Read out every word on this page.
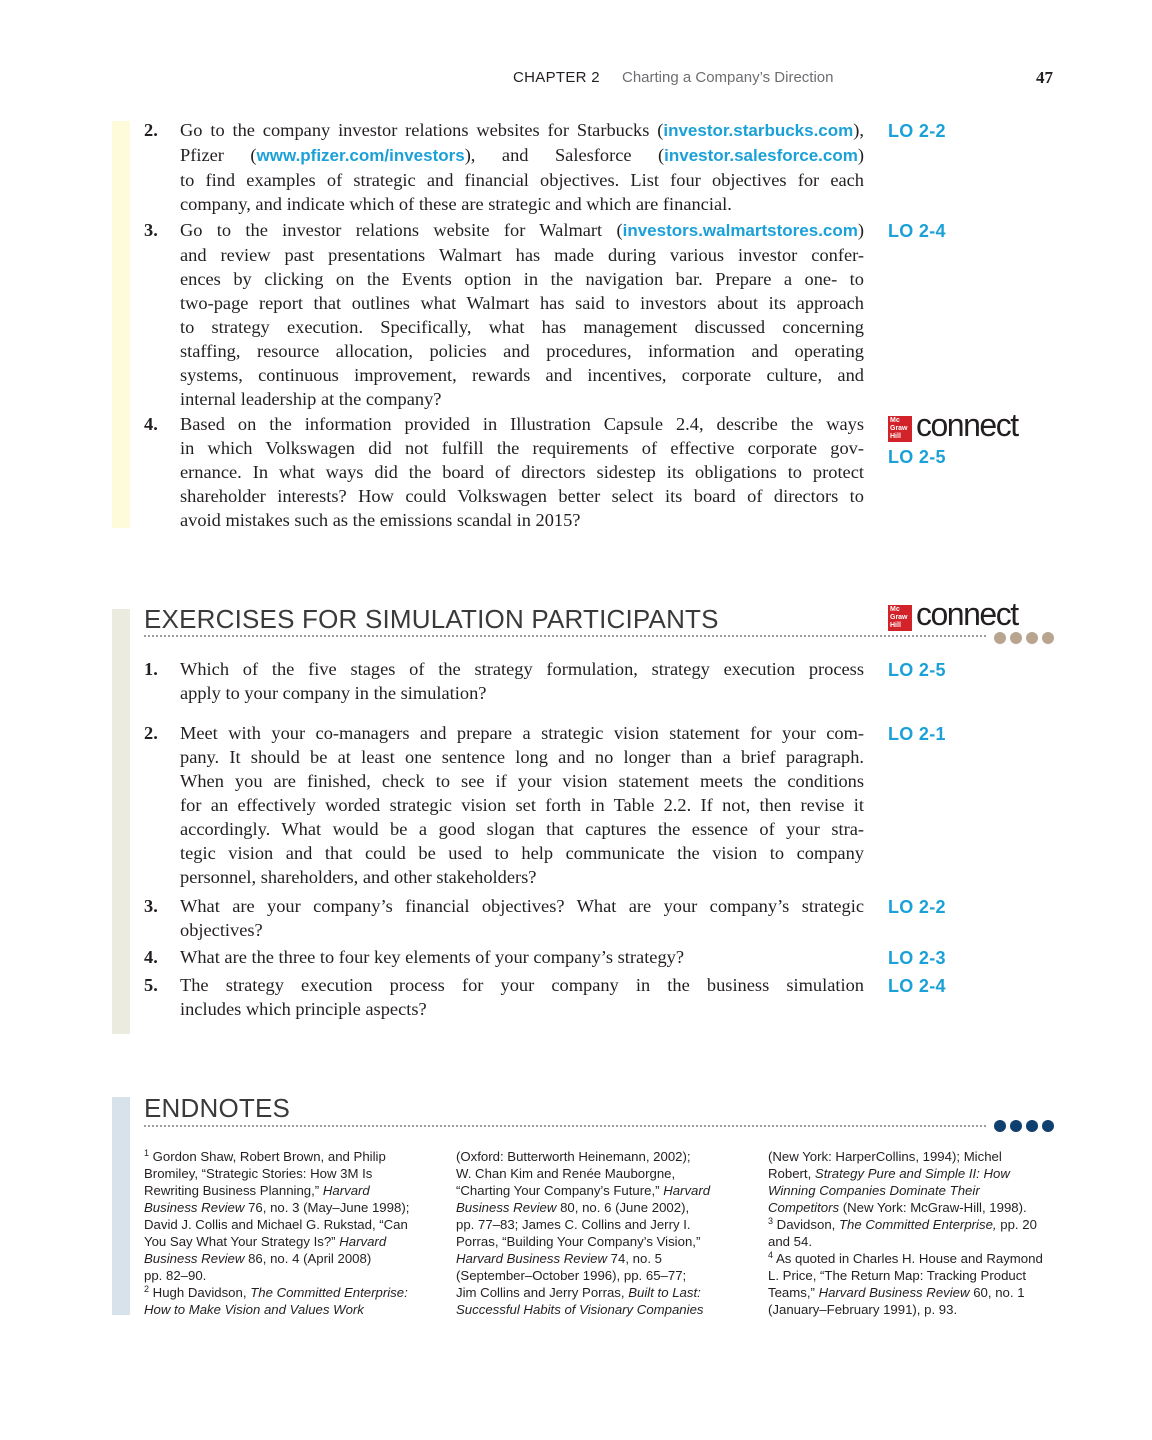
CHAPTER 2 Charting a Company’s Direction	47
2.	Go to the company investor relations websites for Starbucks (investor.starbucks.com),
Pfizer (www.pfizer.com/investors), and Salesforce (investor.salesforce.com)
to find examples of strategic and financial objectives. List four objectives for each
company, and indicate which of these are strategic and which are financial.
LO 2-2
3.	Go to the investor relations website for Walmart (investors.walmartstores.com)
and review past presentations Walmart has made during various investor confer-
ences by clicking on the Events option in the navigation bar. Prepare a one- to
two-page report that outlines what Walmart has said to investors about its approach
to strategy execution. Specifically, what has management discussed concerning
staffing, resource allocation, policies and procedures, information and operating
systems, continuous improvement, rewards and incentives, corporate culture, and
internal leadership at the company?
LO 2-4
4.	Based on the information provided in Illustration Capsule 2.4, describe the ways
in which Volkswagen did not fulfill the requirements of effective corporate gov-
ernance. In what ways did the board of directors sidestep its obligations to protect
shareholder interests? How could Volkswagen better select its board of directors to
avoid mistakes such as the emissions scandal in 2015?
Mc
Graw
Hill connect
LO 2-5
EXERCISES FOR SIMULATION PARTICIPANTS	Mc
Graw
Hill connect
1.	Which of the five stages of the strategy formulation, strategy execution process
apply to your company in the simulation?
LO 2-5
2.	Meet with your co-managers and prepare a strategic vision statement for your com-
pany. It should be at least one sentence long and no longer than a brief paragraph.
When you are finished, check to see if your vision statement meets the conditions
for an effectively worded strategic vision set forth in Table 2.2. If not, then revise it
accordingly. What would be a good slogan that captures the essence of your stra-
tegic vision and that could be used to help communicate the vision to company
personnel, shareholders, and other stakeholders?
LO 2-1
3.	What are your company’s financial objectives? What are your company’s strategic
objectives?
LO 2-2
4.	What are the three to four key elements of your company’s strategy?	LO 2-3
5.	The strategy execution process for your company in the business simulation
includes which principle aspects?
LO 2-4
ENDNOTES

$^1$ Gordon Shaw, Robert Brown, and Philip

Bromiley, “Strategic Stories: How 3M Is

Rewriting Business Planning,” Harvard

Business Review 76, no. 3 (May–June 1998);

David J. Collis and Michael G. Rukstad, “Can

You Say What Your Strategy Is?” Harvard

Business Review 86, no. 4 (April 2008)

pp. 82–90.

$^2$ Hugh Davidson, The Committed Enterprise:

How to Make Vision and Values Work

(Oxford: Butterworth Heinemann, 2002);

W. Chan Kim and Renée Mauborgne,

“Charting Your Company’s Future,” Harvard

Business Review 80, no. 6 (June 2002),

pp. 77–83; James C. Collins and Jerry I.

Porras, “Building Your Company’s Vision,”

Harvard Business Review 74, no. 5

(September–October 1996), pp. 65–77;

Jim Collins and Jerry Porras, Built to Last:

Successful Habits of Visionary Companies

(New York: HarperCollins, 1994); Michel

Robert, Strategy Pure and Simple II: How

Winning Companies Dominate Their

Competitors (New York: McGraw-Hill, 1998).

$^3$ Davidson, The Committed Enterprise, pp. 20

and 54.

$^4$ As quoted in Charles H. House and Raymond

L. Price, “The Return Map: Tracking Product

Teams,” Harvard Business Review 60, no. 1

(January–February 1991), p. 93.
